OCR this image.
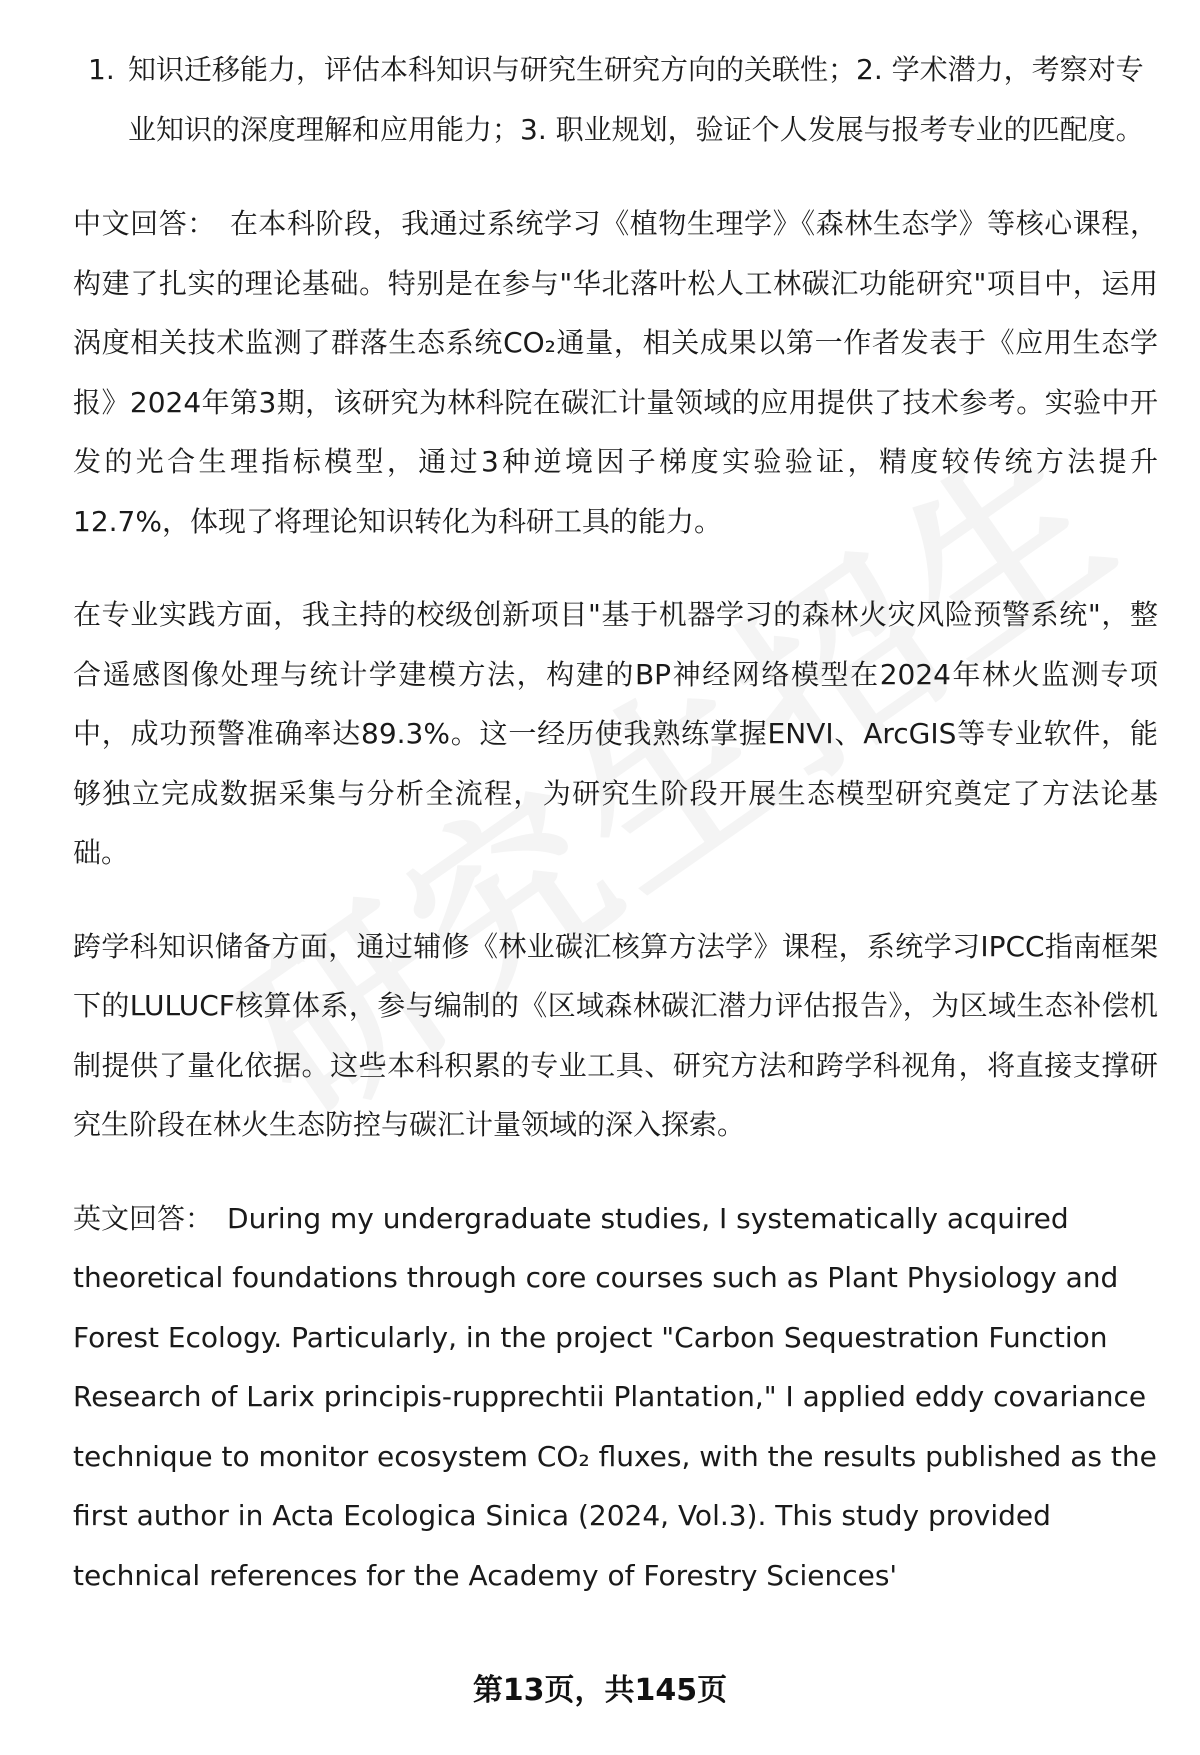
1. 知识迁移能力，评估本科知识与研究生研究方向的关联性；2. 学术潜力，考察对专业知识的深度理解和应用能力；3. 职业规划，验证个人发展与报考专业的匹配度。

中文回答： 在本科阶段，我通过系统学习《植物生理学》《森林生态学》等核心课程，构建了扎实的理论基础。特别是在参与"华北落叶松人工林碳汇功能研究"项目中，运用涡度相关技术监测了群落生态系统CO₂通量，相关成果以第一作者发表于《应用生态学报》2024年第3期，该研究为林科院在碳汇计量领域的应用提供了技术参考。实验中开发的光合生理指标模型，通过3种逆境因子梯度实验验证，精度较传统方法提升12.7%，体现了将理论知识转化为科研工具的能力。

在专业实践方面，我主持的校级创新项目"基于机器学习的森林火灾风险预警系统"，整合遥感图像处理与统计学建模方法，构建的BP神经网络模型在2024年林火监测专项中，成功预警准确率达89.3%。这一经历使我熟练掌握ENVI、ArcGIS等专业软件，能够独立完成数据采集与分析全流程，为研究生阶段开展生态模型研究奠定了方法论基础。

跨学科知识储备方面，通过辅修《林业碳汇核算方法学》课程，系统学习IPCC指南框架下的LULUCF核算体系，参与编制的《区域森林碳汇潜力评估报告》，为区域生态补偿机制提供了量化依据。这些本科积累的专业工具、研究方法和跨学科视角，将直接支撑研究生阶段在林火生态防控与碳汇计量领域的深入探索。

英文回答： During my undergraduate studies, I systematically acquired theoretical foundations through core courses such as Plant Physiology and Forest Ecology. Particularly, in the project "Carbon Sequestration Function Research of Larix principis-rupprechtii Plantation," I applied eddy covariance technique to monitor ecosystem CO₂ fluxes, with the results published as the first author in Acta Ecologica Sinica (2024, Vol.3). This study provided technical references for the Academy of Forestry Sciences'

第13页，共145页
